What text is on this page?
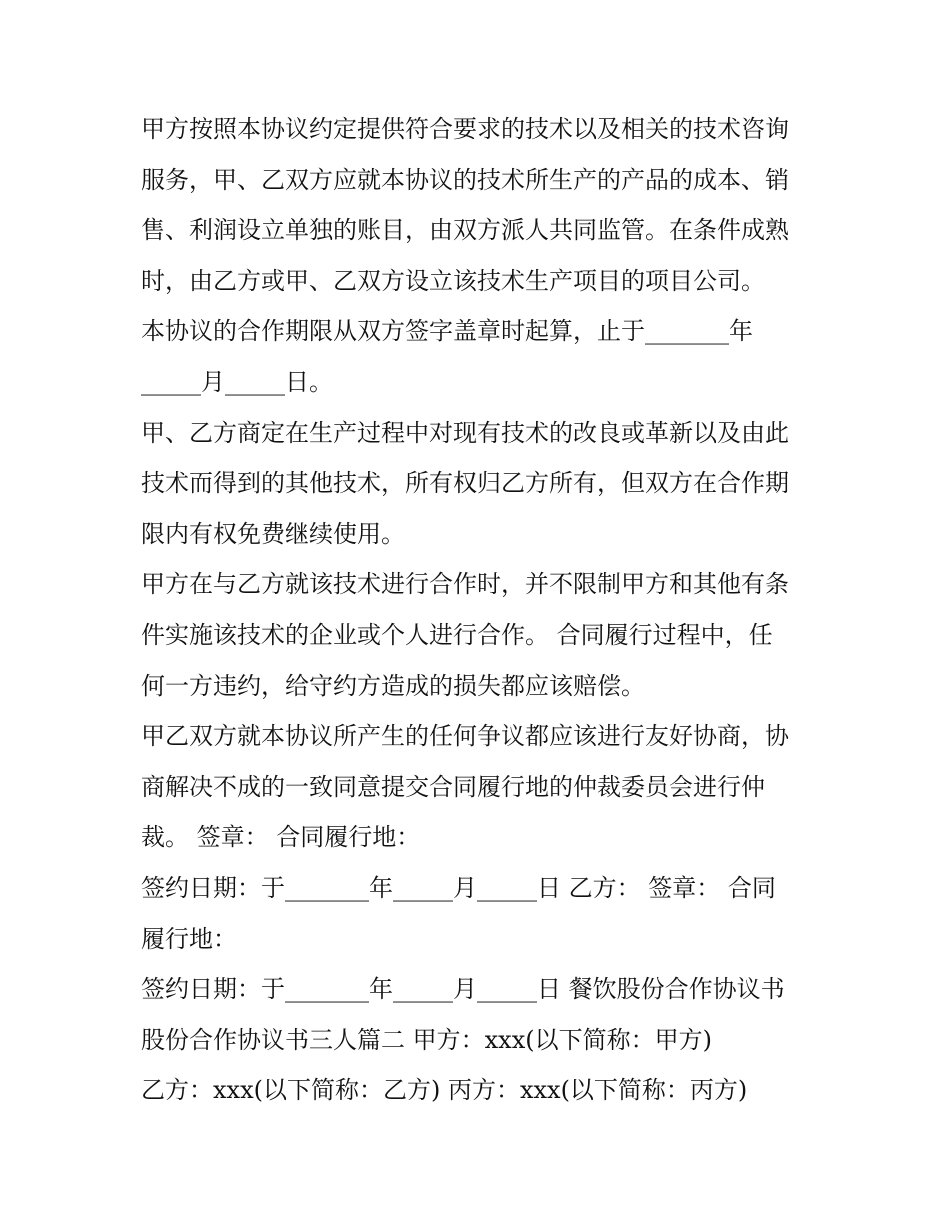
甲方按照本协议约定提供符合要求的技术以及相关的技术咨询
服务，甲、乙双方应就本协议的技术所生产的产品的成本、销
售、利润设立单独的账目，由双方派人共同监管。在条件成熟
时，由乙方或甲、乙双方设立该技术生产项目的项目公司。
本协议的合作期限从双方签字盖章时起算，止于_______年
_____月_____日。
甲、乙方商定在生产过程中对现有技术的改良或革新以及由此
技术而得到的其他技术，所有权归乙方所有，但双方在合作期
限内有权免费继续使用。
甲方在与乙方就该技术进行合作时，并不限制甲方和其他有条
件实施该技术的企业或个人进行合作。 合同履行过程中，任
何一方违约，给守约方造成的损失都应该赔偿。
甲乙双方就本协议所产生的任何争议都应该进行友好协商，协
商解决不成的一致同意提交合同履行地的仲裁委员会进行仲
裁。 签章： 合同履行地：
签约日期：于_______年_____月_____日 乙方： 签章： 合同
履行地：
签约日期：于_______年_____月_____日 餐饮股份合作协议书
股份合作协议书三人篇二 甲方：xxx(以下简称：甲方)
乙方：xxx(以下简称：乙方) 丙方：xxx(以下简称：丙方)
